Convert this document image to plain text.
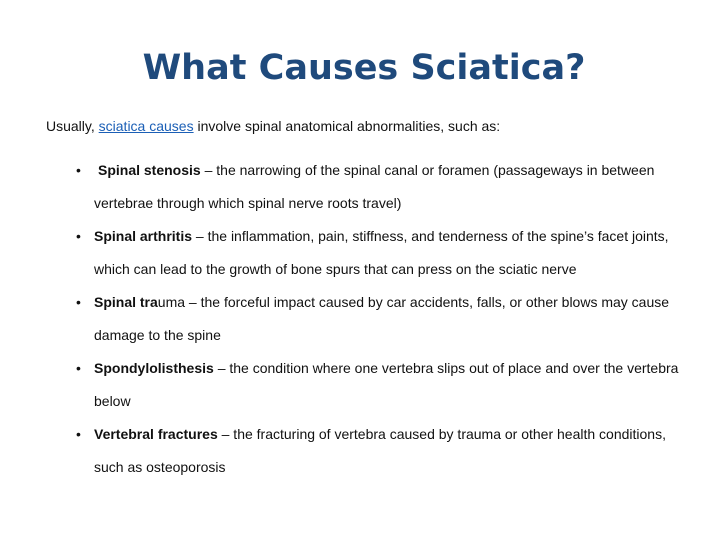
What Causes Sciatica?

Usually, sciatica causes involve spinal anatomical abnormalities, such as:

• Spinal stenosis – the narrowing of the spinal canal or foramen (passageways in between vertebrae through which spinal nerve roots travel)
• Spinal arthritis – the inflammation, pain, stiffness, and tenderness of the spine’s facet joints, which can lead to the growth of bone spurs that can press on the sciatic nerve
• Spinal trauma – the forceful impact caused by car accidents, falls, or other blows may cause damage to the spine
• Spondylolisthesis – the condition where one vertebra slips out of place and over the vertebra below
• Vertebral fractures – the fracturing of vertebra caused by trauma or other health conditions, such as osteoporosis
